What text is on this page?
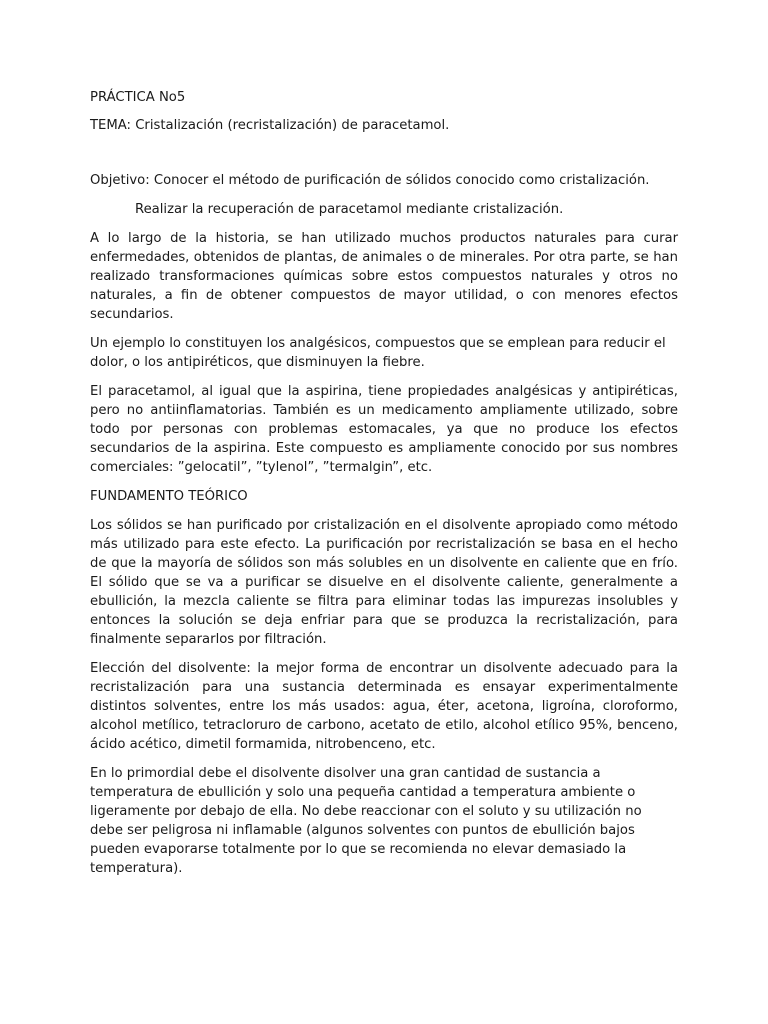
PRÁCTICA No5

TEMA: Cristalización (recristalización) de paracetamol.

Objetivo: Conocer el método de purificación de sólidos conocido como cristalización.

Realizar la recuperación de paracetamol mediante cristalización.

A lo largo de la historia, se han utilizado muchos productos naturales para curar enfermedades, obtenidos de plantas, de animales o de minerales. Por otra parte, se han realizado transformaciones químicas sobre estos compuestos naturales y otros no naturales, a fin de obtener compuestos de mayor utilidad, o con menores efectos secundarios.

Un ejemplo lo constituyen los analgésicos, compuestos que se emplean para reducir el dolor, o los antipiréticos, que disminuyen la fiebre.

El paracetamol, al igual que la aspirina, tiene propiedades analgésicas y antipiréticas, pero no antiinflamatorias. También es un medicamento ampliamente utilizado, sobre todo por personas con problemas estomacales, ya que no produce los efectos secundarios de la aspirina. Este compuesto es ampliamente conocido por sus nombres comerciales: ”gelocatil”, ”tylenol”, ”termalgin”, etc.

FUNDAMENTO TEÓRICO

Los sólidos se han purificado por cristalización en el disolvente apropiado como método más utilizado para este efecto. La purificación por recristalización se basa en el hecho de que la mayoría de sólidos son más solubles en un disolvente en caliente que en frío. El sólido que se va a purificar se disuelve en el disolvente caliente, generalmente a ebullición, la mezcla caliente se filtra para eliminar todas las impurezas insolubles y entonces la solución se deja enfriar para que se produzca la recristalización, para finalmente separarlos por filtración.

Elección del disolvente: la mejor forma de encontrar un disolvente adecuado para la recristalización para una sustancia determinada es ensayar experimentalmente distintos solventes, entre los más usados: agua, éter, acetona, ligroína, cloroformo, alcohol metílico, tetracloruro de carbono, acetato de etilo, alcohol etílico 95%, benceno, ácido acético, dimetil formamida, nitrobenceno, etc.

En lo primordial debe el disolvente disolver una gran cantidad de sustancia a temperatura de ebullición y solo una pequeña cantidad a temperatura ambiente o ligeramente por debajo de ella. No debe reaccionar con el soluto y su utilización no debe ser peligrosa ni inflamable (algunos solventes con puntos de ebullición bajos pueden evaporarse totalmente por lo que se recomienda no elevar demasiado la temperatura).
